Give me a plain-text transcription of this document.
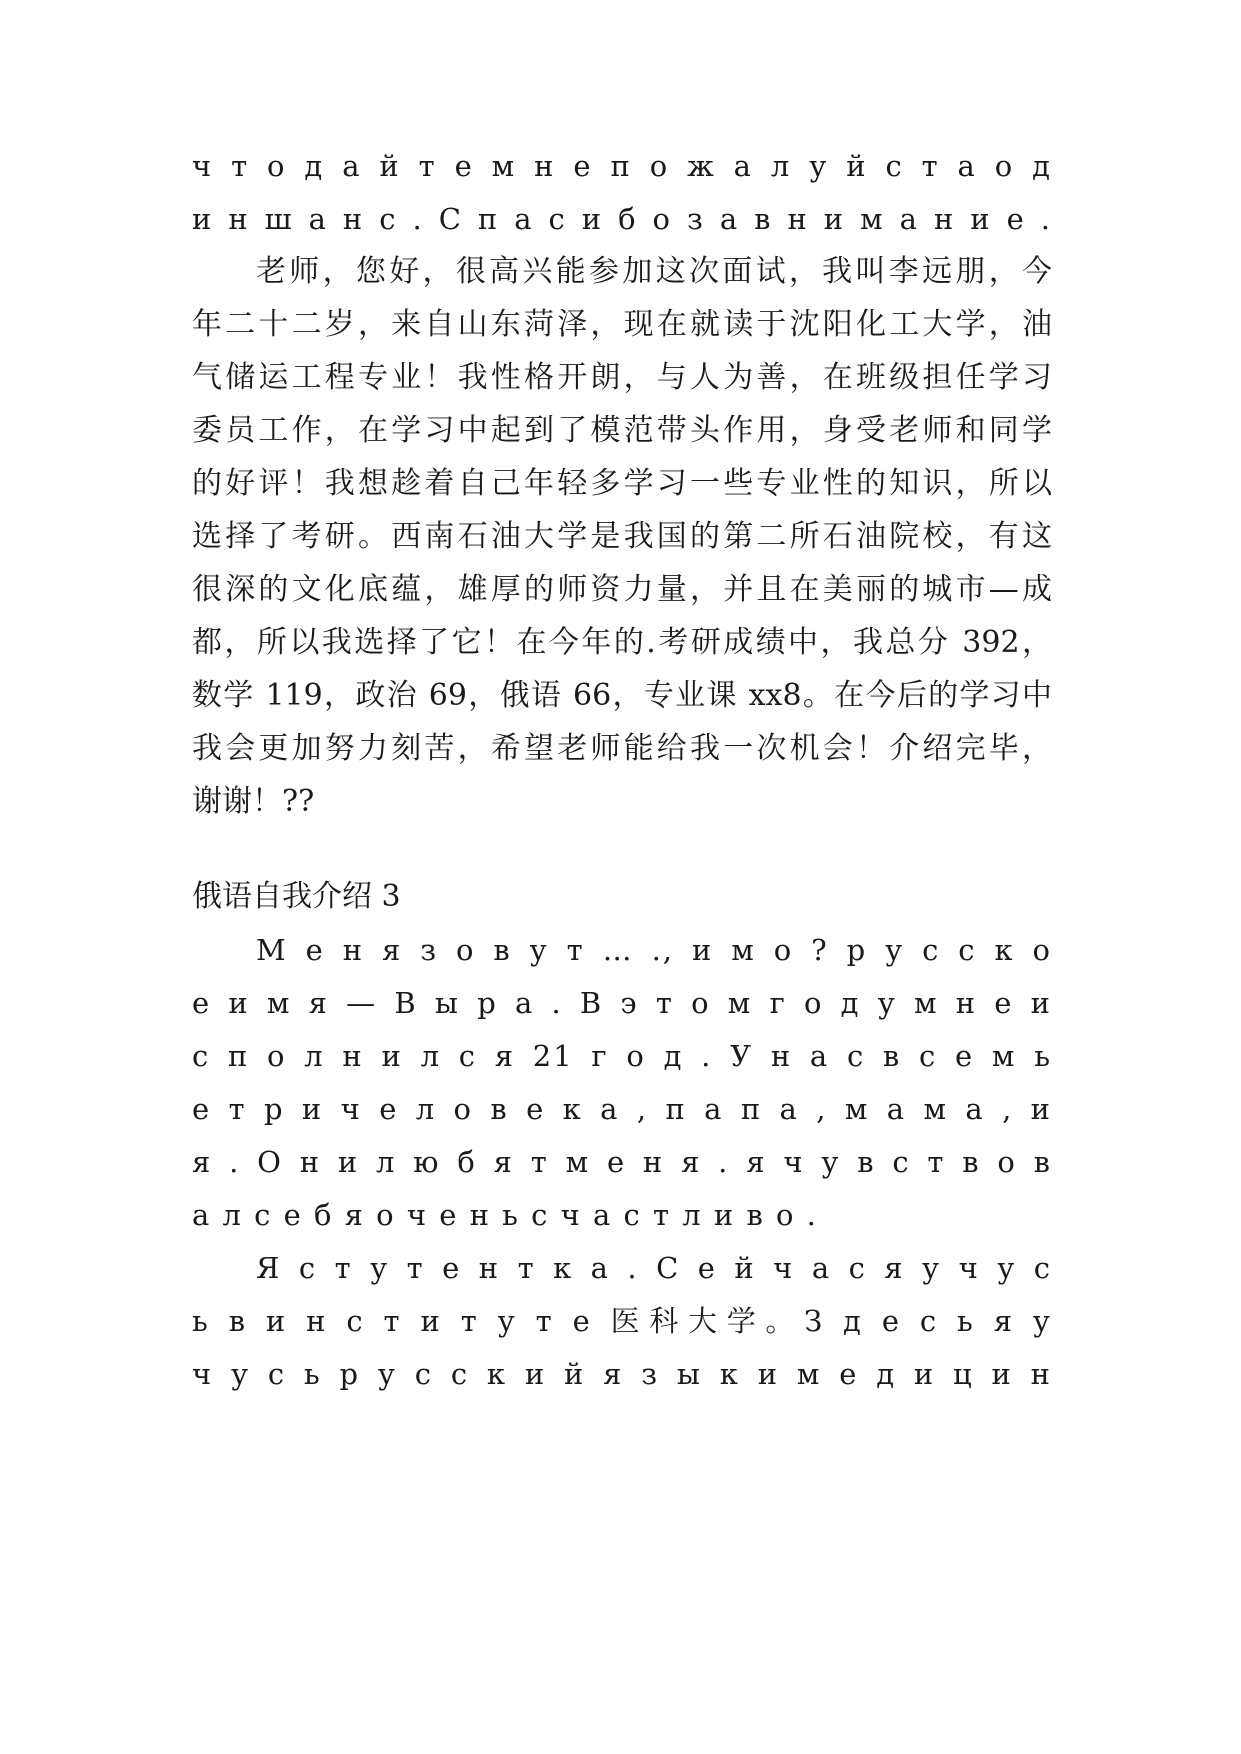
ч т о д а й т е м н е п о ж а л у й с т а о д
и н ш а н с . С п а с и б о з а в н и м а н и е .
老师，您好，很高兴能参加这次面试，我叫李远朋，今
年二十二岁，来自山东菏泽，现在就读于沈阳化工大学，油
气储运工程专业！我性格开朗，与人为善，在班级担任学习
委员工作，在学习中起到了模范带头作用，身受老师和同学
的好评！我想趁着自己年轻多学习一些专业性的知识，所以
选择了考研。西南石油大学是我国的第二所石油院校，有这
很深的文化底蕴，雄厚的师资力量，并且在美丽的城市—成
都，所以我选择了它！在今年的.考研成绩中，我总分 392，
数学 119，政治 69，俄语 66，专业课 xx8。在今后的学习中
我会更加努力刻苦，希望老师能给我一次机会！介绍完毕，
谢谢！??
俄语自我介绍 3
М е н я з о в у т … ., и м о ? р у с с к о
е и м я — В ы р а . В э т о м г о д у м н е и
с п о л н и л с я 21 г о д . У н а с в с е м ь
е т р и ч е л о в е к а , п а п а , м а м а , и
я . О н и л ю б я т м е н я . я ч у в с т в о в
а л с е б я о ч е н ь с ч а с т л и в о .
Я с т у т е н т к а . С е й ч а с я у ч у с
ь в и н с т и т у т е 医科大学。З д е с ь я у
ч у с ь р у с с к и й я з ы к и м е д и ц и н
